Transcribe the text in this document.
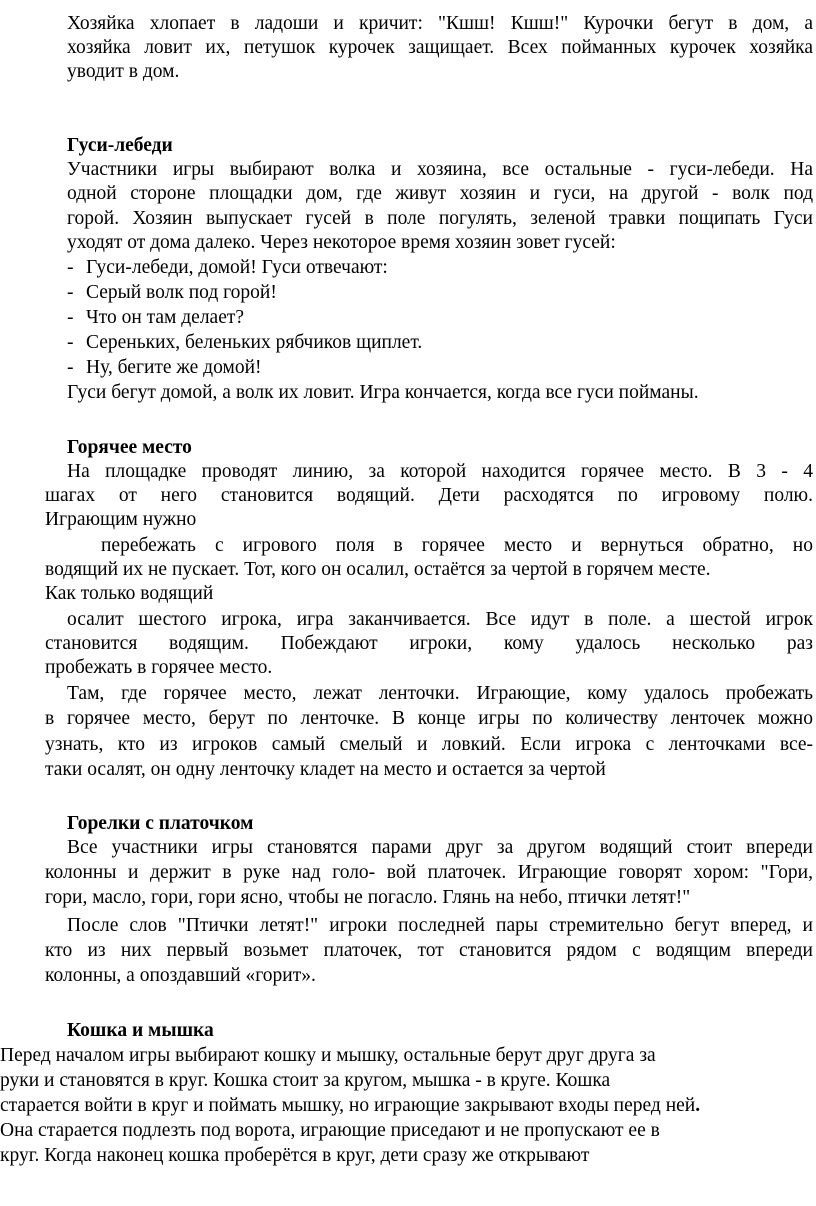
Хозяйка хлопает в ладоши и кричит: "Кшш! Кшш!" Курочки бегут в дом, а
хозяйка ловит их, петушок курочек защищает. Всех пойманных курочек хозяйка
уводит в дом.
Гуси-лебеди
Участники игры выбирают волка и хозяина, все остальные - гуси-лебеди. На
одной стороне площадки дом, где живут хозяин и гуси, на другой - волк под
горой. Хозяин выпускает гусей в поле погулять, зеленой травки пощипать Гуси
уходят от дома далеко. Через некоторое время хозяин зовет гусей:
- Гуси-лебеди, домой! Гуси отвечают:
- Серый волк под горой!
- Что он там делает?
- Сереньких, беленьких рябчиков щиплет.
- Ну, бегите же домой!
Гуси бегут домой, а волк их ловит. Игра кончается, когда все гуси пойманы.
Горячее место
На площадке проводят линию, за которой находится горячее место. В 3 - 4
шагах от него становится водящий. Дети расходятся по игровому полю.
Играющим нужно
перебежать с игрового поля в горячее место и вернуться обратно, но
водящий их не пускает. Тот, кого он осалил, остаётся за чертой в горячем месте.
Как только водящий
осалит шестого игрока, игра заканчивается. Все идут в поле. а шестой игрок
становится водящим. Побеждают игроки, кому удалось несколько раз
пробежать в горячее место.
Там, где горячее место, лежат ленточки. Играющие, кому удалось пробежать
в горячее место, берут по ленточке. В конце игры по количеству ленточек можно
узнать, кто из игроков самый смелый и ловкий. Если игрока с ленточками все-
таки осалят, он одну ленточку кладет на место и остается за чертой
Горелки с платочком
Все участники игры становятся парами друг за другом водящий стоит впереди
колонны и держит в руке над голо- вой платочек. Играющие говорят хором: "Гори,
гори, масло, гори, гори ясно, чтобы не погасло. Глянь на небо, птички летят!"
После слов "Птички летят!" игроки последней пары стремительно бегут вперед, и
кто из них первый возьмет платочек, тот становится рядом с водящим впереди
колонны, а опоздавший «горит».
Кошка и мышка
Перед началом игры выбирают кошку и мышку, остальные берут друг друга за
руки и становятся в круг. Кошка стоит за кругом, мышка - в круге. Кошка
старается войти в круг и поймать мышку, но играющие закрывают входы перед ней.
Она старается подлезть под ворота, играющие приседают и не пропускают ее в
круг. Когда наконец кошка проберётся в круг, дети сразу же открывают
